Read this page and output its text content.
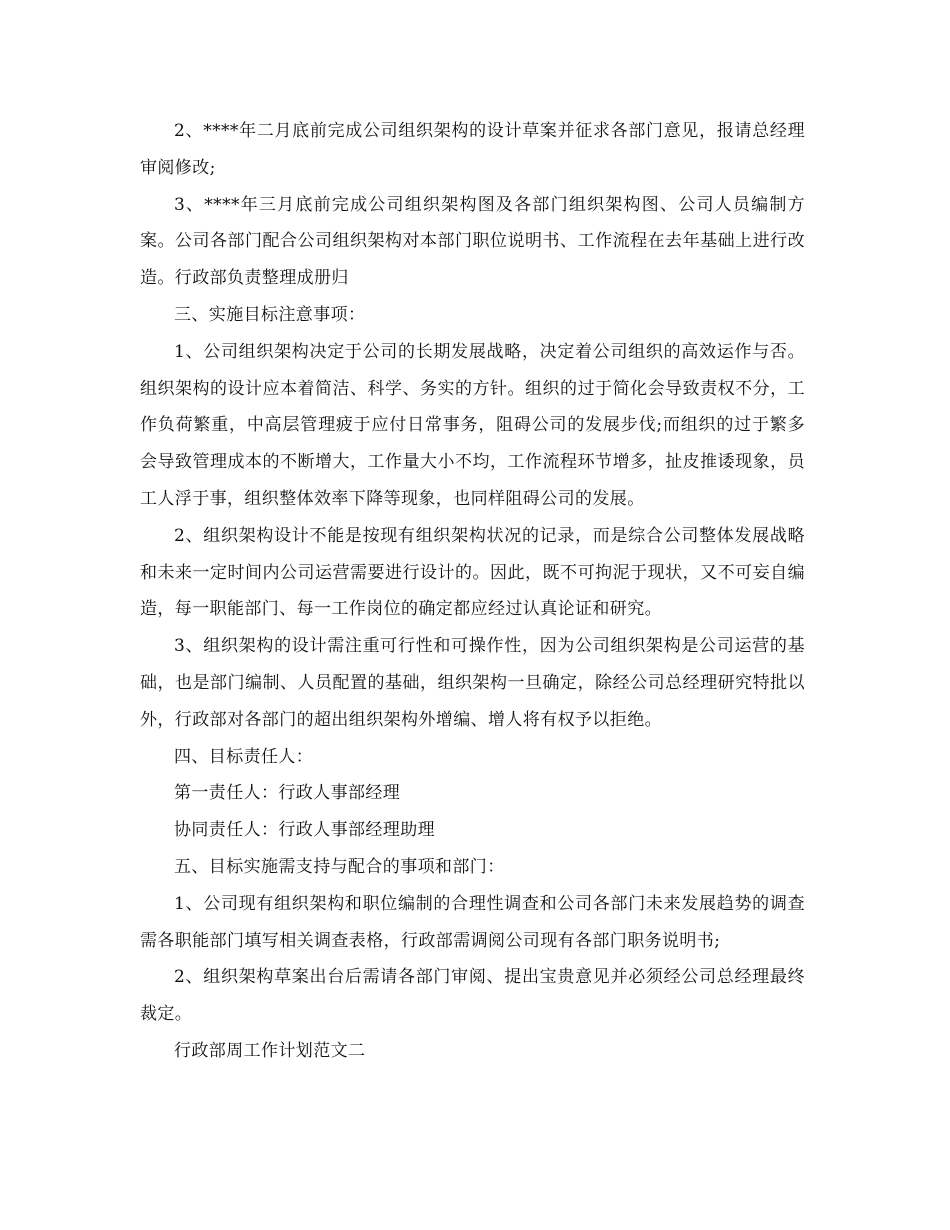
2、****年二月底前完成公司组织架构的设计草案并征求各部门意见，报请总经理审阅修改;

3、****年三月底前完成公司组织架构图及各部门组织架构图、公司人员编制方案。公司各部门配合公司组织架构对本部门职位说明书、工作流程在去年基础上进行改造。行政部负责整理成册归

三、实施目标注意事项：

1、公司组织架构决定于公司的长期发展战略，决定着公司组织的高效运作与否。组织架构的设计应本着简洁、科学、务实的方针。组织的过于简化会导致责权不分，工作负荷繁重，中高层管理疲于应付日常事务，阻碍公司的发展步伐;而组织的过于繁多会导致管理成本的不断增大，工作量大小不均，工作流程环节增多，扯皮推诿现象，员工人浮于事，组织整体效率下降等现象，也同样阻碍公司的发展。

2、组织架构设计不能是按现有组织架构状况的记录，而是综合公司整体发展战略和未来一定时间内公司运营需要进行设计的。因此，既不可拘泥于现状，又不可妄自编造，每一职能部门、每一工作岗位的确定都应经过认真论证和研究。

3、组织架构的设计需注重可行性和可操作性，因为公司组织架构是公司运营的基础，也是部门编制、人员配置的基础，组织架构一旦确定，除经公司总经理研究特批以外，行政部对各部门的超出组织架构外增编、增人将有权予以拒绝。

四、目标责任人：

第一责任人：行政人事部经理

协同责任人：行政人事部经理助理

五、目标实施需支持与配合的事项和部门：

1、公司现有组织架构和职位编制的合理性调查和公司各部门未来发展趋势的调查需各职能部门填写相关调查表格，行政部需调阅公司现有各部门职务说明书;

2、组织架构草案出台后需请各部门审阅、提出宝贵意见并必须经公司总经理最终裁定。

行政部周工作计划范文二
